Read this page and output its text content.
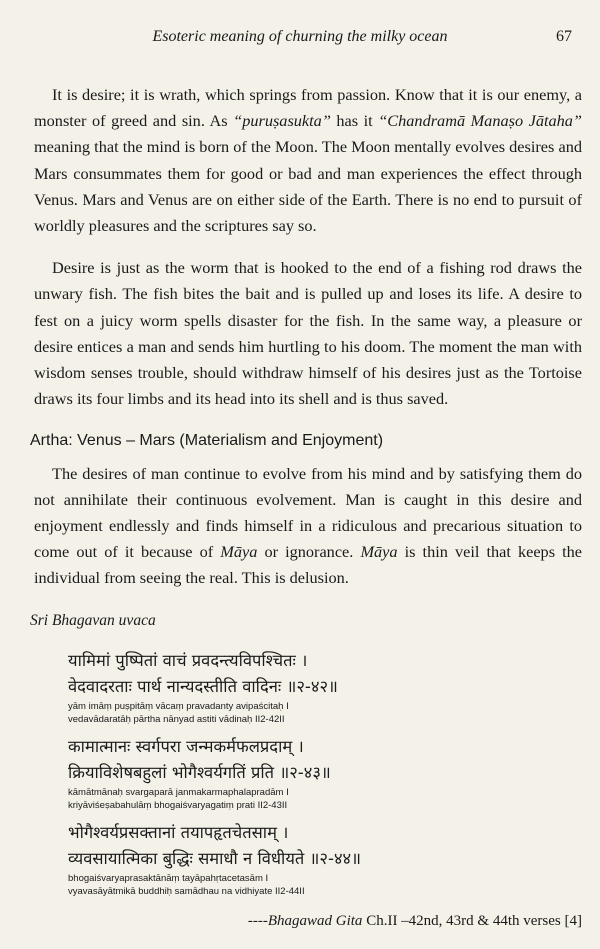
Esoteric meaning of churning the milky ocean	67

It is desire; it is wrath, which springs from passion. Know that it is our enemy, a monster of greed and sin. As “puruṣasukta” has it “Chandramā Manaṣo Jātaha” meaning that the mind is born of the Moon. The Moon mentally evolves desires and Mars consummates them for good or bad and man experiences the effect through Venus. Mars and Venus are on either side of the Earth. There is no end to pursuit of worldly pleasures and the scriptures say so.

Desire is just as the worm that is hooked to the end of a fishing rod draws the unwary fish. The fish bites the bait and is pulled up and loses its life. A desire to fest on a juicy worm spells disaster for the fish. In the same way, a pleasure or desire entices a man and sends him hurtling to his doom. The moment the man with wisdom senses trouble, should withdraw himself of his desires just as the Tortoise draws its four limbs and its head into its shell and is thus saved.

Artha: Venus – Mars (Materialism and Enjoyment)

The desires of man continue to evolve from his mind and by satisfying them do not annihilate their continuous evolvement. Man is caught in this desire and enjoyment endlessly and finds himself in a ridiculous and precarious situation to come out of it because of Māya or ignorance. Māya is thin veil that keeps the individual from seeing the real. This is delusion.

Sri Bhagavan uvaca

यामिमां पुष्पितां वाचं प्रवदन्त्यविपश्चितः ।

वेदवादरताः पार्थ नान्यदस्तीति वादिनः ॥२-४२॥

yām imāṃ puṣpitāṃ vācaṃ pravadanty avipaścitaḥ I
vedavādaratāḥ pārtha nānyad astiti vādinaḥ II2-42II

कामात्मानः स्वर्गपरा जन्मकर्मफलप्रदाम् ।

क्रियाविशेषबहुलां भोगैश्वर्यगतिं प्रति ॥२-४३॥

kāmātmānaḥ svargaparā janmakarmaphalapradām I
kriyāviśeṣabahulāṃ bhogaiśvaryagatiṃ prati II2-43II

भोगैश्वर्यप्रसक्तानां तयापहृतचेतसाम् ।

व्यवसायात्मिका बुद्धिः समाधौ न विधीयते ॥२-४४॥

bhogaiśvaryaprasaktānāṃ tayāpahṛtacetasām I
vyavasāyātmikā buddhiḥ samādhau na vidhiyate II2-44II

----Bhagawad Gita Ch.II –42nd, 43rd & 44th verses [4]
